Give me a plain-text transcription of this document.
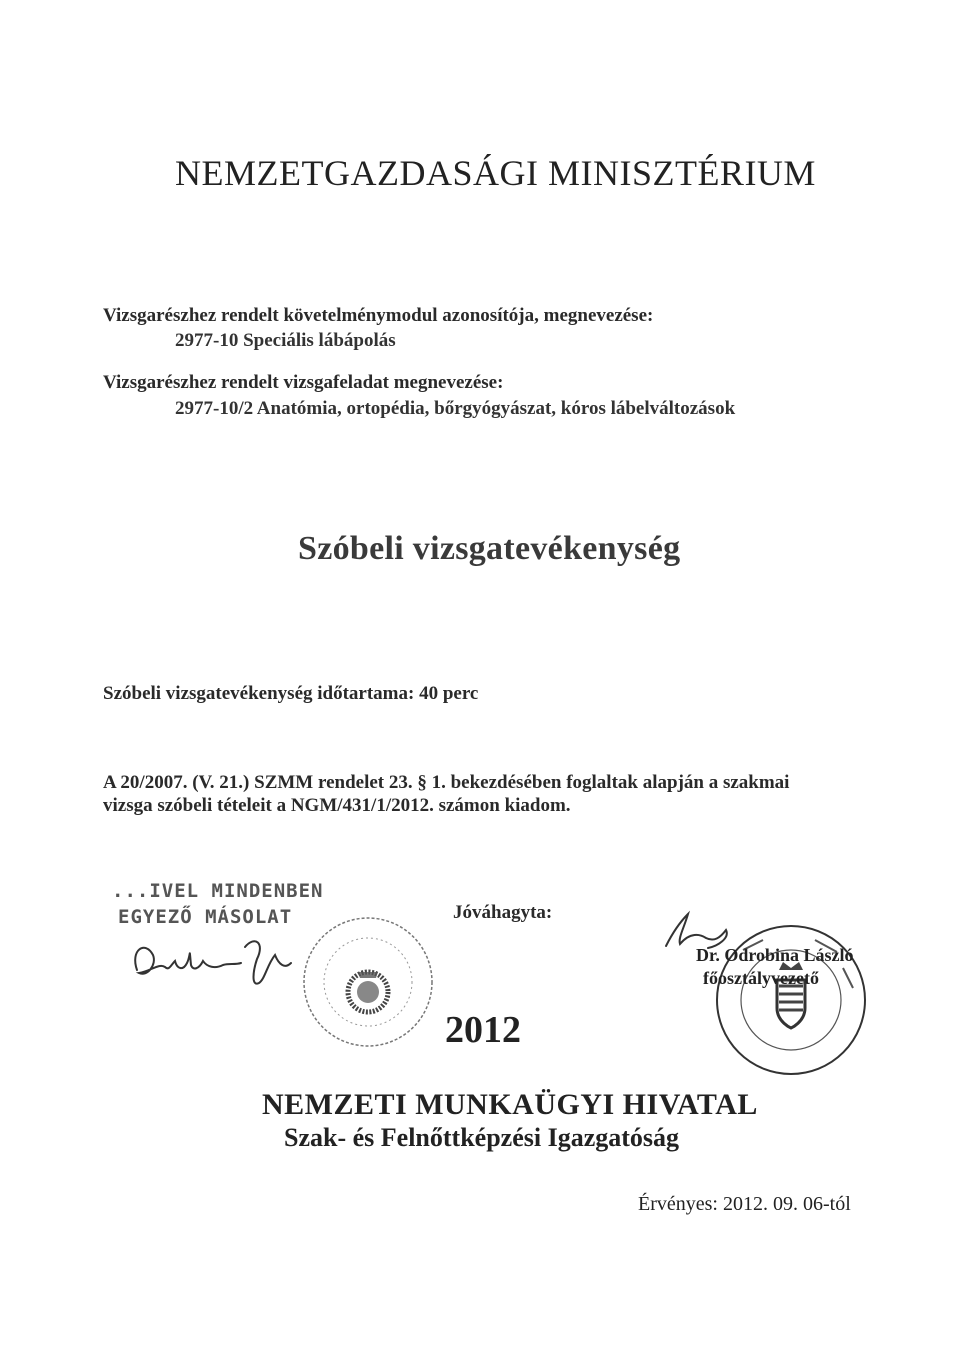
NEMZETGAZDASÁGI MINISZTÉRIUM
Vizsgarészhez rendelt követelménymodul azonosítója, megnevezése:
2977-10 Speciális lábápolás
Vizsgarészhez rendelt vizsgafeladat megnevezése:
2977-10/2 Anatómia, ortopédia, bőrgyógyászat, kóros lábelváltozások
Szóbeli vizsgatevékenység
Szóbeli vizsgatevékenység időtartama: 40 perc
A 20/2007. (V. 21.) SZMM rendelet 23. § 1. bekezdésében foglaltak alapján a szakmai
vizsga szóbeli tételeit a NGM/431/1/2012. számon kiadom.
...IVEL MINDENBEN
EGYEZŐ MÁSOLAT	Jóváhagyta:
2012
Dr. Odrobina László
főosztályvezető
NEMZETI MUNKAÜGYI HIVATAL
Szak- és Felnőttképzési Igazgatóság
Érvényes: 2012. 09. 06-tól
